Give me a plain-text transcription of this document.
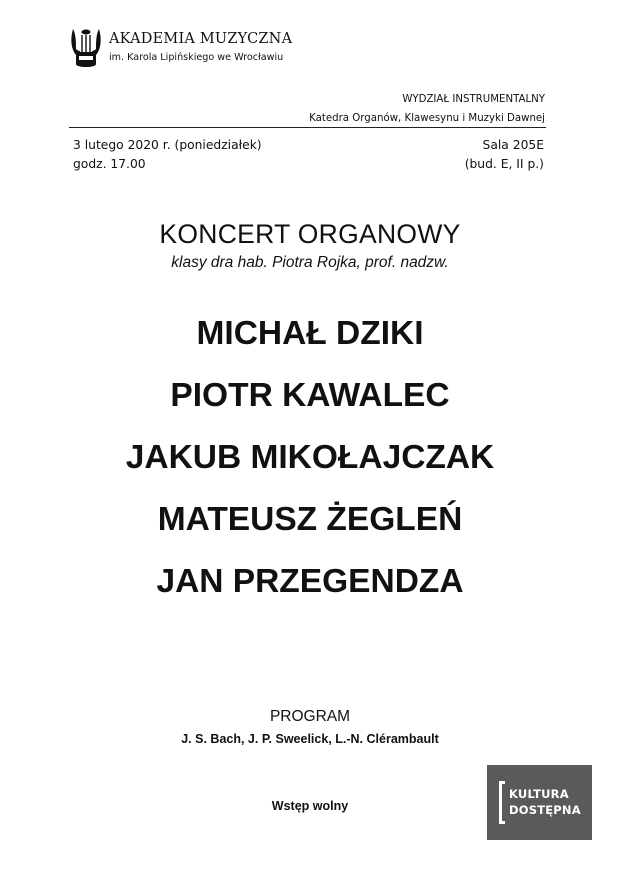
AKADEMIA MUZYCZNA
im. Karola Lipińskiego we Wrocławiu
WYDZIAŁ INSTRUMENTALNY
Katedra Organów, Klawesynu i Muzyki Dawnej
3 lutego 2020 r. (poniedziałek)
godz. 17.00
Sala 205E
(bud. E, II p.)
KONCERT ORGANOWY
klasy dra hab. Piotra Rojka, prof. nadzw.
MICHAŁ DZIKI
PIOTR KAWALEC
JAKUB MIKOŁAJCZAK
MATEUSZ ŻEGLEŃ
JAN PRZEGENDZA
PROGRAM
J. S. Bach, J. P. Sweelick, L.-N. Clérambault
Wstęp wolny
KULTURA
DOSTĘPNA
